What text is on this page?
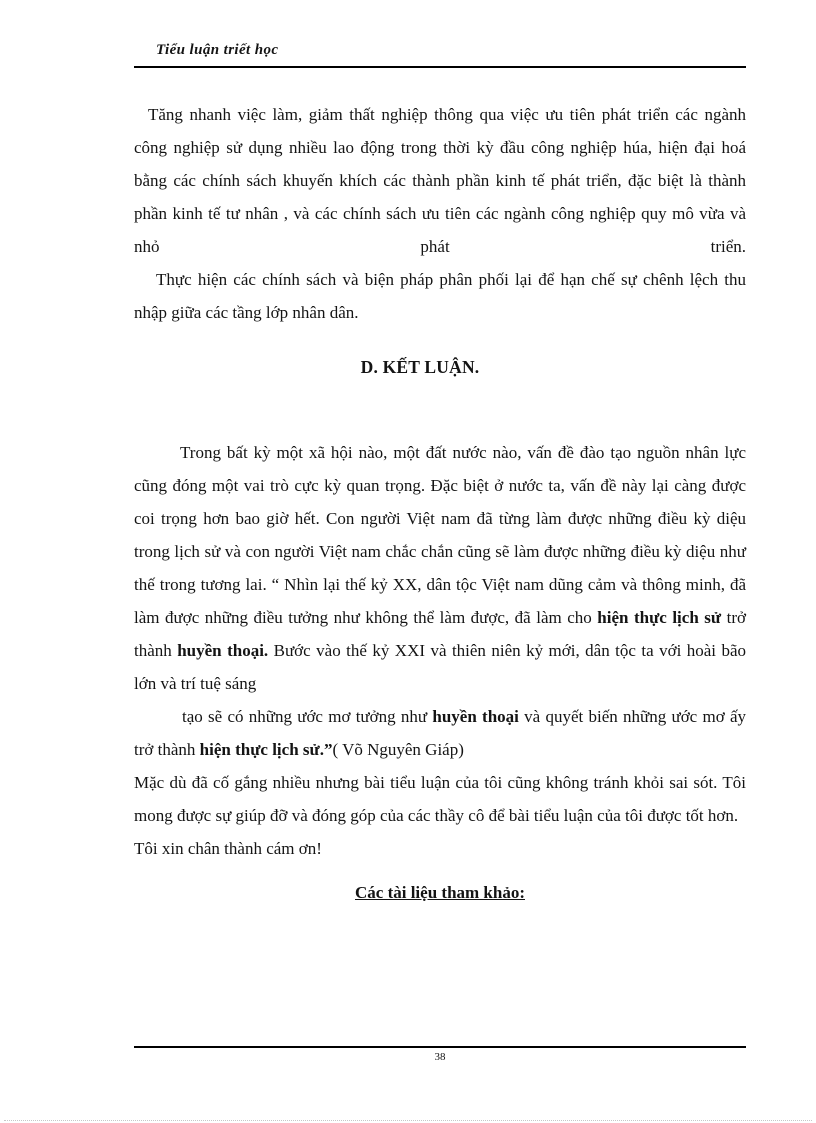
Tiểu luận triết học

Tăng nhanh việc làm, giảm thất nghiệp thông qua việc ưu tiên phát triển các ngành công nghiệp sử dụng nhiều lao động trong thời kỳ đầu công nghiệp húa, hiện đại hoá bằng các chính sách khuyến khích các thành phần kinh tế phát triển, đặc biệt là thành phần kinh tế tư nhân , và các chính sách ưu tiên các ngành công nghiệp quy mô vừa và nhỏ phát triển.

Thực hiện các chính sách và biện pháp phân phối lại để hạn chế sự chênh lệch thu nhập giữa các tầng lớp nhân dân.

D. KẾT LUẬN.

Trong bất kỳ một xã hội nào, một đất nước nào, vấn đề đào tạo nguồn nhân lực cũng đóng một vai trò cực kỳ quan trọng. Đặc biệt ở nước ta, vấn đề này lại càng được coi trọng hơn bao giờ hết. Con người Việt nam đã từng làm được những điều kỳ diệu trong lịch sử và con người Việt nam chắc chắn cũng sẽ làm được những điều kỳ diệu như thế trong tương lai. “ Nhìn lại thế kỷ XX, dân tộc Việt nam dũng cảm và thông minh, đã làm được những điều tưởng như không thể làm được, đã làm cho hiện thực lịch sử trở thành huyền thoại. Bước vào thế kỷ XXI và thiên niên kỷ mới, dân tộc ta với hoài bão lớn và trí tuệ sáng

tạo sẽ có những ước mơ tưởng như huyền thoại và quyết biến những ước mơ ấy trở thành hiện thực lịch sử.”( Võ Nguyên Giáp)

Mặc dù đã cố gắng nhiều nhưng bài tiểu luận của tôi cũng không tránh khỏi sai sót. Tôi mong được sự giúp đỡ và đóng góp của các thầy cô để bài tiểu luận của tôi được tốt hơn.

Tôi xin chân thành cám ơn!

Các tài liệu tham khảo:
38
